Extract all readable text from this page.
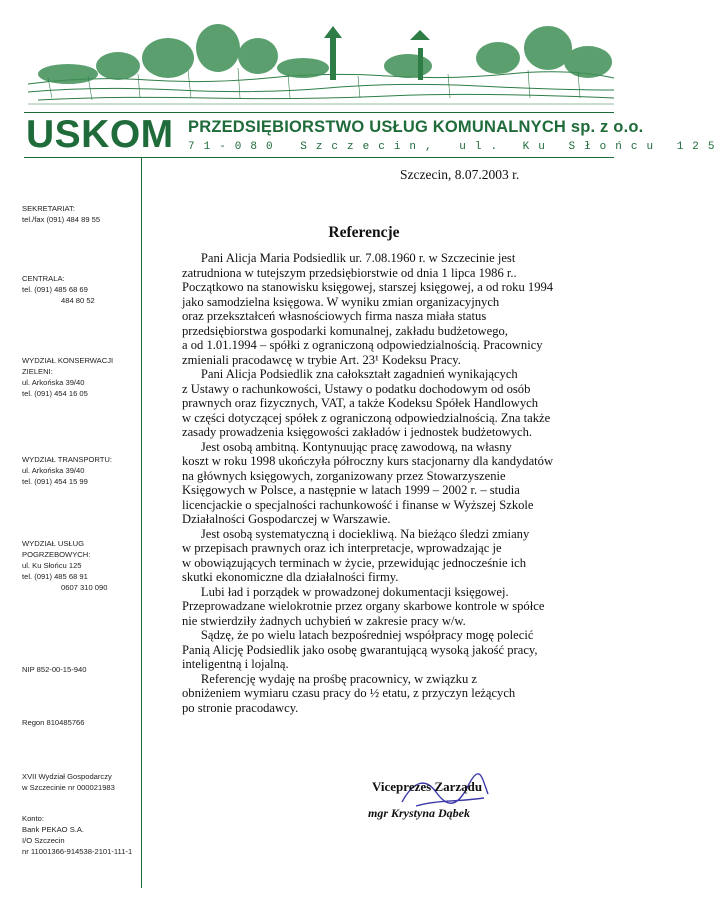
USKOM PRZEDSIĘBIORSTWO USŁUG KOMUNALNYCH sp. z o.o.
71-080 Szczecin, ul. Ku Słońcu 125
Szczecin, 8.07.2003 r.
SEKRETARIAT:
tel./fax (091) 484 89 55
CENTRALA:
tel. (091) 485 68 69
484 80 52
WYDZIAŁ KONSERWACJI
ZIELENI:
ul. Arkońska 39/40
tel. (091) 454 16 05
WYDZIAŁ TRANSPORTU:
ul. Arkońska 39/40
tel. (091) 454 15 99
WYDZIAŁ USŁUG
POGRZEBOWYCH:
ul. Ku Słońcu 125
tel. (091) 485 68 91
0607 310 090
NIP 852-00-15-940
Regon 810485766
XVII Wydział Gospodarczy
w Szczecinie nr 000021983
Konto:
Bank PEKAO S.A.
I/O Szczecin
nr 11001366-914538-2101-111-1
Referencje
Pani Alicja Maria Podsiedlik ur. 7.08.1960 r. w Szczecinie jest
zatrudniona w tutejszym przedsiębiorstwie od dnia 1 lipca 1986 r..
Początkowo na stanowisku księgowej, starszej księgowej, a od roku 1994
jako samodzielna księgowa. W wyniku zmian organizacyjnych
oraz przekształceń własnościowych firma nasza miała status
przedsiębiorstwa gospodarki komunalnej, zakładu budżetowego,
a od 1.01.1994 – spółki z ograniczoną odpowiedzialnością. Pracownicy
zmieniali pracodawcę w trybie Art. 23¹ Kodeksu Pracy.
Pani Alicja Podsiedlik zna całokształt zagadnień wynikających
z Ustawy o rachunkowości, Ustawy o podatku dochodowym od osób
prawnych oraz fizycznych, VAT, a także Kodeksu Spółek Handlowych
w części dotyczącej spółek z ograniczoną odpowiedzialnością. Zna także
zasady prowadzenia księgowości zakładów i jednostek budżetowych.
Jest osobą ambitną. Kontynuując pracę zawodową, na własny
koszt w roku 1998 ukończyła półroczny kurs stacjonarny dla kandydatów
na głównych księgowych, zorganizowany przez Stowarzyszenie
Księgowych w Polsce, a następnie w latach 1999 – 2002 r. – studia
licencjackie o specjalności rachunkowość i finanse w Wyższej Szkole
Działalności Gospodarczej w Warszawie.
Jest osobą systematyczną i dociekliwą. Na bieżąco śledzi zmiany
w przepisach prawnych oraz ich interpretacje, wprowadzając je
w obowiązujących terminach w życie, przewidując jednocześnie ich
skutki ekonomiczne dla działalności firmy.
Lubi ład i porządek w prowadzonej dokumentacji księgowej.
Przeprowadzane wielokrotnie przez organy skarbowe kontrole w spółce
nie stwierdziły żadnych uchybień w zakresie pracy w/w.
Sądzę, że po wielu latach bezpośredniej współpracy mogę polecić
Panią Alicję Podsiedlik jako osobę gwarantującą wysoką jakość pracy,
inteligentną i lojalną.
Referencję wydaję na prośbę pracownicy, w związku z
obniżeniem wymiaru czasu pracy do ½ etatu, z przyczyn leżących
po stronie pracodawcy.
Viceprezes Zarządu
mgr Krystyna Dąbek
